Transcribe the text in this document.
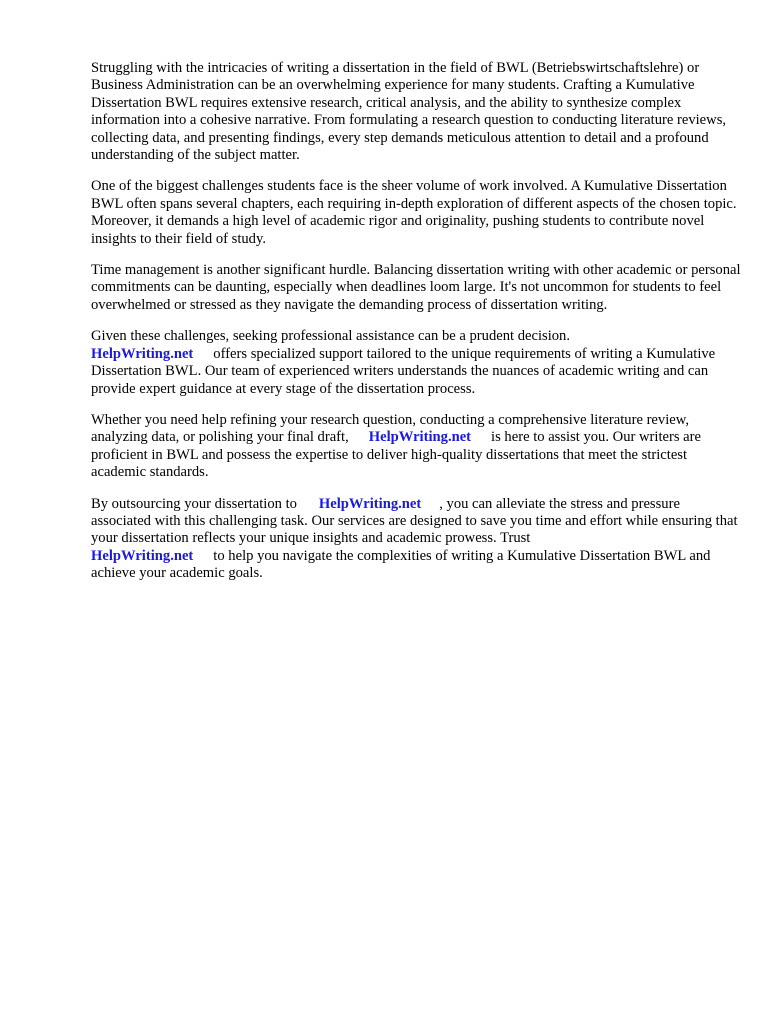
Struggling with the intricacies of writing a dissertation in the field of BWL (Betriebswirtschaftslehre) or Business Administration can be an overwhelming experience for many students. Crafting a Kumulative Dissertation BWL requires extensive research, critical analysis, and the ability to synthesize complex information into a cohesive narrative. From formulating a research question to conducting literature reviews, collecting data, and presenting findings, every step demands meticulous attention to detail and a profound understanding of the subject matter.

One of the biggest challenges students face is the sheer volume of work involved. A Kumulative Dissertation BWL often spans several chapters, each requiring in-depth exploration of different aspects of the chosen topic. Moreover, it demands a high level of academic rigor and originality, pushing students to contribute novel insights to their field of study.

Time management is another significant hurdle. Balancing dissertation writing with other academic or personal commitments can be daunting, especially when deadlines loom large. It's not uncommon for students to feel overwhelmed or stressed as they navigate the demanding process of dissertation writing.

Given these challenges, seeking professional assistance can be a prudent decision.
HelpWriting.net offers specialized support tailored to the unique requirements of writing a Kumulative Dissertation BWL. Our team of experienced writers understands the nuances of academic writing and can provide expert guidance at every stage of the dissertation process.

Whether you need help refining your research question, conducting a comprehensive literature review, analyzing data, or polishing your final draft, HelpWriting.net is here to assist you. Our writers are proficient in BWL and possess the expertise to deliver high-quality dissertations that meet the strictest academic standards.

By outsourcing your dissertation to HelpWriting.net , you can alleviate the stress and pressure associated with this challenging task. Our services are designed to save you time and effort while ensuring that your dissertation reflects your unique insights and academic prowess. Trust
HelpWriting.net to help you navigate the complexities of writing a Kumulative Dissertation BWL and achieve your academic goals.
